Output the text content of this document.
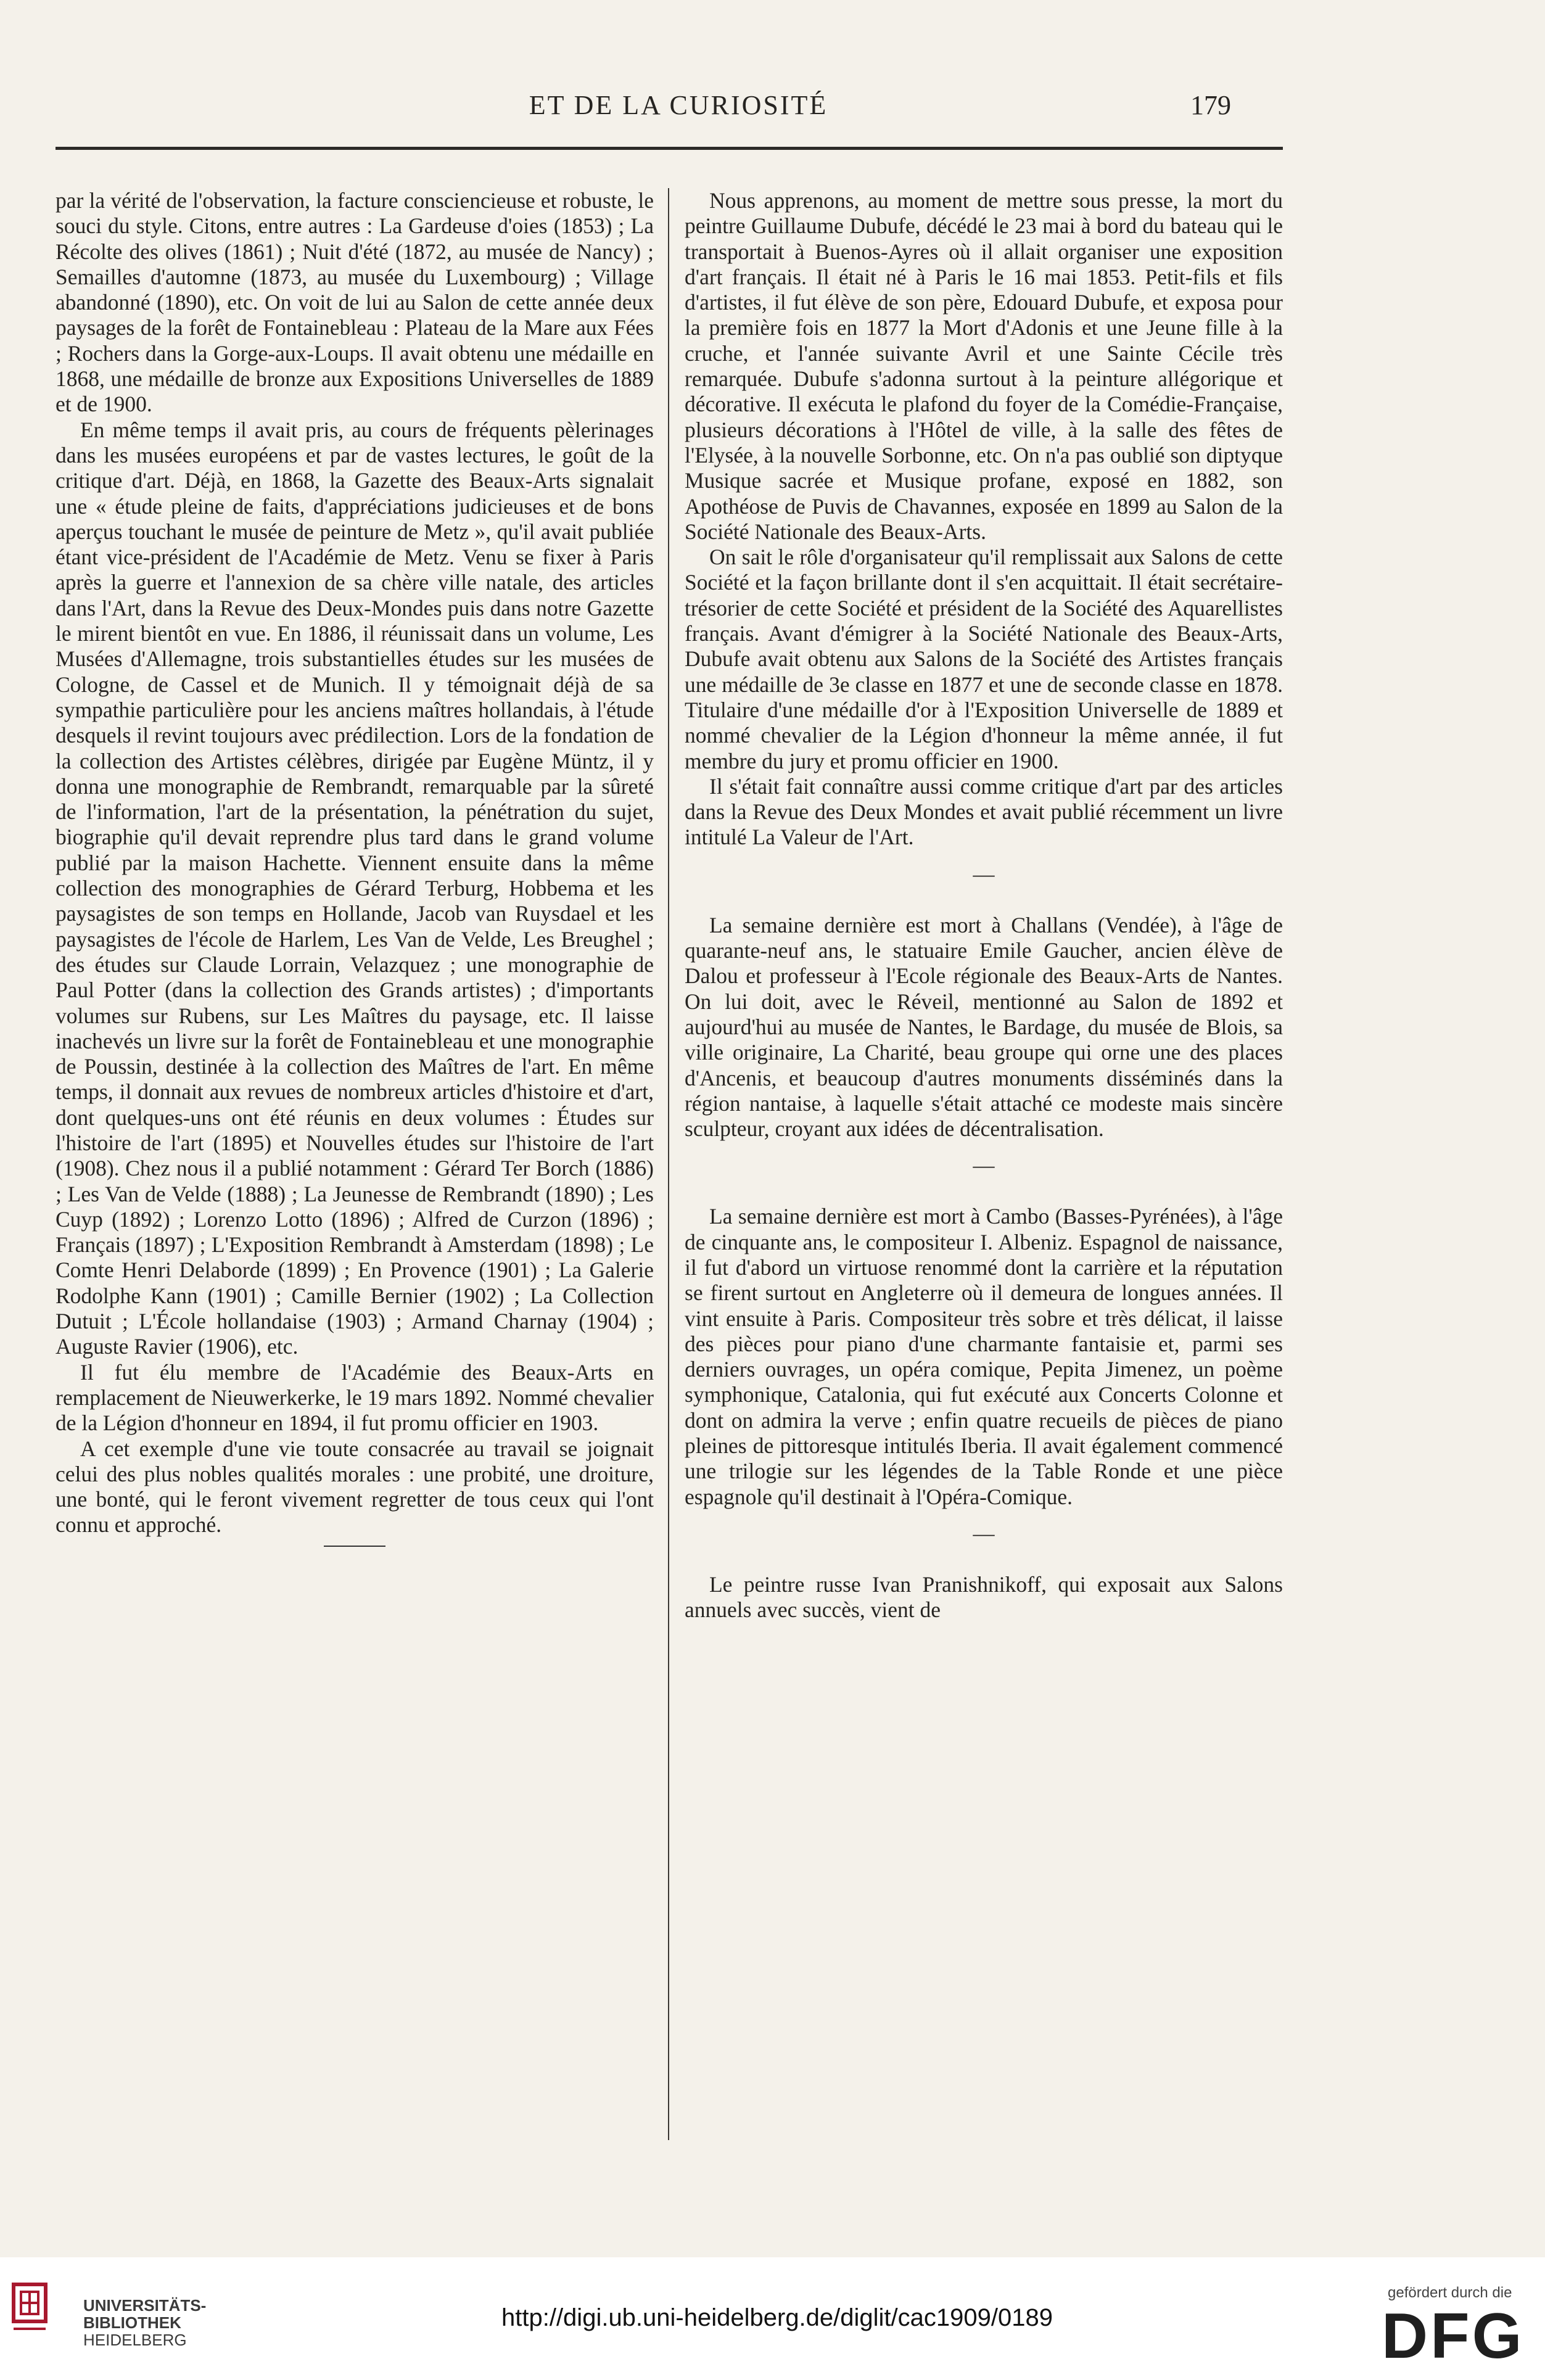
ET DE LA CURIOSITÉ	179

par la vérité de l'observation, la facture consciencieuse et robuste, le souci du style. Citons, entre autres : La Gardeuse d'oies (1853) ; La Récolte des olives (1861) ; Nuit d'été (1872, au musée de Nancy) ; Semailles d'automne (1873, au musée du Luxembourg) ; Village abandonné (1890), etc. On voit de lui au Salon de cette année deux paysages de la forêt de Fontainebleau : Plateau de la Mare aux Fées ; Rochers dans la Gorge-aux-Loups. Il avait obtenu une médaille en 1868, une médaille de bronze aux Expositions Universelles de 1889 et de 1900.

En même temps il avait pris, au cours de fréquents pèlerinages dans les musées européens et par de vastes lectures, le goût de la critique d'art. Déjà, en 1868, la Gazette des Beaux-Arts signalait une « étude pleine de faits, d'appréciations judicieuses et de bons aperçus touchant le musée de peinture de Metz », qu'il avait publiée étant vice-président de l'Académie de Metz. Venu se fixer à Paris après la guerre et l'annexion de sa chère ville natale, des articles dans l'Art, dans la Revue des Deux-Mondes puis dans notre Gazette le mirent bientôt en vue. En 1886, il réunissait dans un volume, Les Musées d'Allemagne, trois substantielles études sur les musées de Cologne, de Cassel et de Munich. Il y témoignait déjà de sa sympathie particulière pour les anciens maîtres hollandais, à l'étude desquels il revint toujours avec prédilection. Lors de la fondation de la collection des Artistes célèbres, dirigée par Eugène Müntz, il y donna une monographie de Rembrandt, remarquable par la sûreté de l'information, l'art de la présentation, la pénétration du sujet, biographie qu'il devait reprendre plus tard dans le grand volume publié par la maison Hachette. Viennent ensuite dans la même collection des monographies de Gérard Terburg, Hobbema et les paysagistes de son temps en Hollande, Jacob van Ruysdael et les paysagistes de l'école de Harlem, Les Van de Velde, Les Breughel ; des études sur Claude Lorrain, Velazquez ; une monographie de Paul Potter (dans la collection des Grands artistes) ; d'importants volumes sur Rubens, sur Les Maîtres du paysage, etc. Il laisse inachevés un livre sur la forêt de Fontainebleau et une monographie de Poussin, destinée à la collection des Maîtres de l'art. En même temps, il donnait aux revues de nombreux articles d'histoire et d'art, dont quelques-uns ont été réunis en deux volumes : Études sur l'histoire de l'art (1895) et Nouvelles études sur l'histoire de l'art (1908). Chez nous il a publié notamment : Gérard Ter Borch (1886) ; Les Van de Velde (1888) ; La Jeunesse de Rembrandt (1890) ; Les Cuyp (1892) ; Lorenzo Lotto (1896) ; Alfred de Curzon (1896) ; Français (1897) ; L'Exposition Rembrandt à Amsterdam (1898) ; Le Comte Henri Delaborde (1899) ; En Provence (1901) ; La Galerie Rodolphe Kann (1901) ; Camille Bernier (1902) ; La Collection Dutuit ; L'École hollandaise (1903) ; Armand Charnay (1904) ; Auguste Ravier (1906), etc.

Il fut élu membre de l'Académie des Beaux-Arts en remplacement de Nieuwerkerke, le 19 mars 1892. Nommé chevalier de la Légion d'honneur en 1894, il fut promu officier en 1903.

A cet exemple d'une vie toute consacrée au travail se joignait celui des plus nobles qualités morales : une probité, une droiture, une bonté, qui le feront vivement regretter de tous ceux qui l'ont connu et approché.

Nous apprenons, au moment de mettre sous presse, la mort du peintre Guillaume Dubufe, décédé le 23 mai à bord du bateau qui le transportait à Buenos-Ayres où il allait organiser une exposition d'art français. Il était né à Paris le 16 mai 1853. Petit-fils et fils d'artistes, il fut élève de son père, Edouard Dubufe, et exposa pour la première fois en 1877 la Mort d'Adonis et une Jeune fille à la cruche, et l'année suivante Avril et une Sainte Cécile très remarquée. Dubufe s'adonna surtout à la peinture allégorique et décorative. Il exécuta le plafond du foyer de la Comédie-Française, plusieurs décorations à l'Hôtel de ville, à la salle des fêtes de l'Elysée, à la nouvelle Sorbonne, etc. On n'a pas oublié son diptyque Musique sacrée et Musique profane, exposé en 1882, son Apothéose de Puvis de Chavannes, exposée en 1899 au Salon de la Société Nationale des Beaux-Arts.

On sait le rôle d'organisateur qu'il remplissait aux Salons de cette Société et la façon brillante dont il s'en acquittait. Il était secrétaire-trésorier de cette Société et président de la Société des Aquarellistes français. Avant d'émigrer à la Société Nationale des Beaux-Arts, Dubufe avait obtenu aux Salons de la Société des Artistes français une médaille de 3e classe en 1877 et une de seconde classe en 1878. Titulaire d'une médaille d'or à l'Exposition Universelle de 1889 et nommé chevalier de la Légion d'honneur la même année, il fut membre du jury et promu officier en 1900.

Il s'était fait connaître aussi comme critique d'art par des articles dans la Revue des Deux Mondes et avait publié récemment un livre intitulé La Valeur de l'Art.

—

La semaine dernière est mort à Challans (Vendée), à l'âge de quarante-neuf ans, le statuaire Emile Gaucher, ancien élève de Dalou et professeur à l'Ecole régionale des Beaux-Arts de Nantes. On lui doit, avec le Réveil, mentionné au Salon de 1892 et aujourd'hui au musée de Nantes, le Bardage, du musée de Blois, sa ville originaire, La Charité, beau groupe qui orne une des places d'Ancenis, et beaucoup d'autres monuments disséminés dans la région nantaise, à laquelle s'était attaché ce modeste mais sincère sculpteur, croyant aux idées de décentralisation.

—

La semaine dernière est mort à Cambo (Basses-Pyrénées), à l'âge de cinquante ans, le compositeur I. Albeniz. Espagnol de naissance, il fut d'abord un virtuose renommé dont la carrière et la réputation se firent surtout en Angleterre où il demeura de longues années. Il vint ensuite à Paris. Compositeur très sobre et très délicat, il laisse des pièces pour piano d'une charmante fantaisie et, parmi ses derniers ouvrages, un opéra comique, Pepita Jimenez, un poème symphonique, Catalonia, qui fut exécuté aux Concerts Colonne et dont on admira la verve ; enfin quatre recueils de pièces de piano pleines de pittoresque intitulés Iberia. Il avait également commencé une trilogie sur les légendes de la Table Ronde et une pièce espagnole qu'il destinait à l'Opéra-Comique.

—

Le peintre russe Ivan Pranishnikoff, qui exposait aux Salons annuels avec succès, vient de

UNIVERSITÄTS-
BIBLIOTHEK
HEIDELBERG
http://digi.ub.uni-heidelberg.de/diglit/cac1909/0189
gefördert durch die
DFG
